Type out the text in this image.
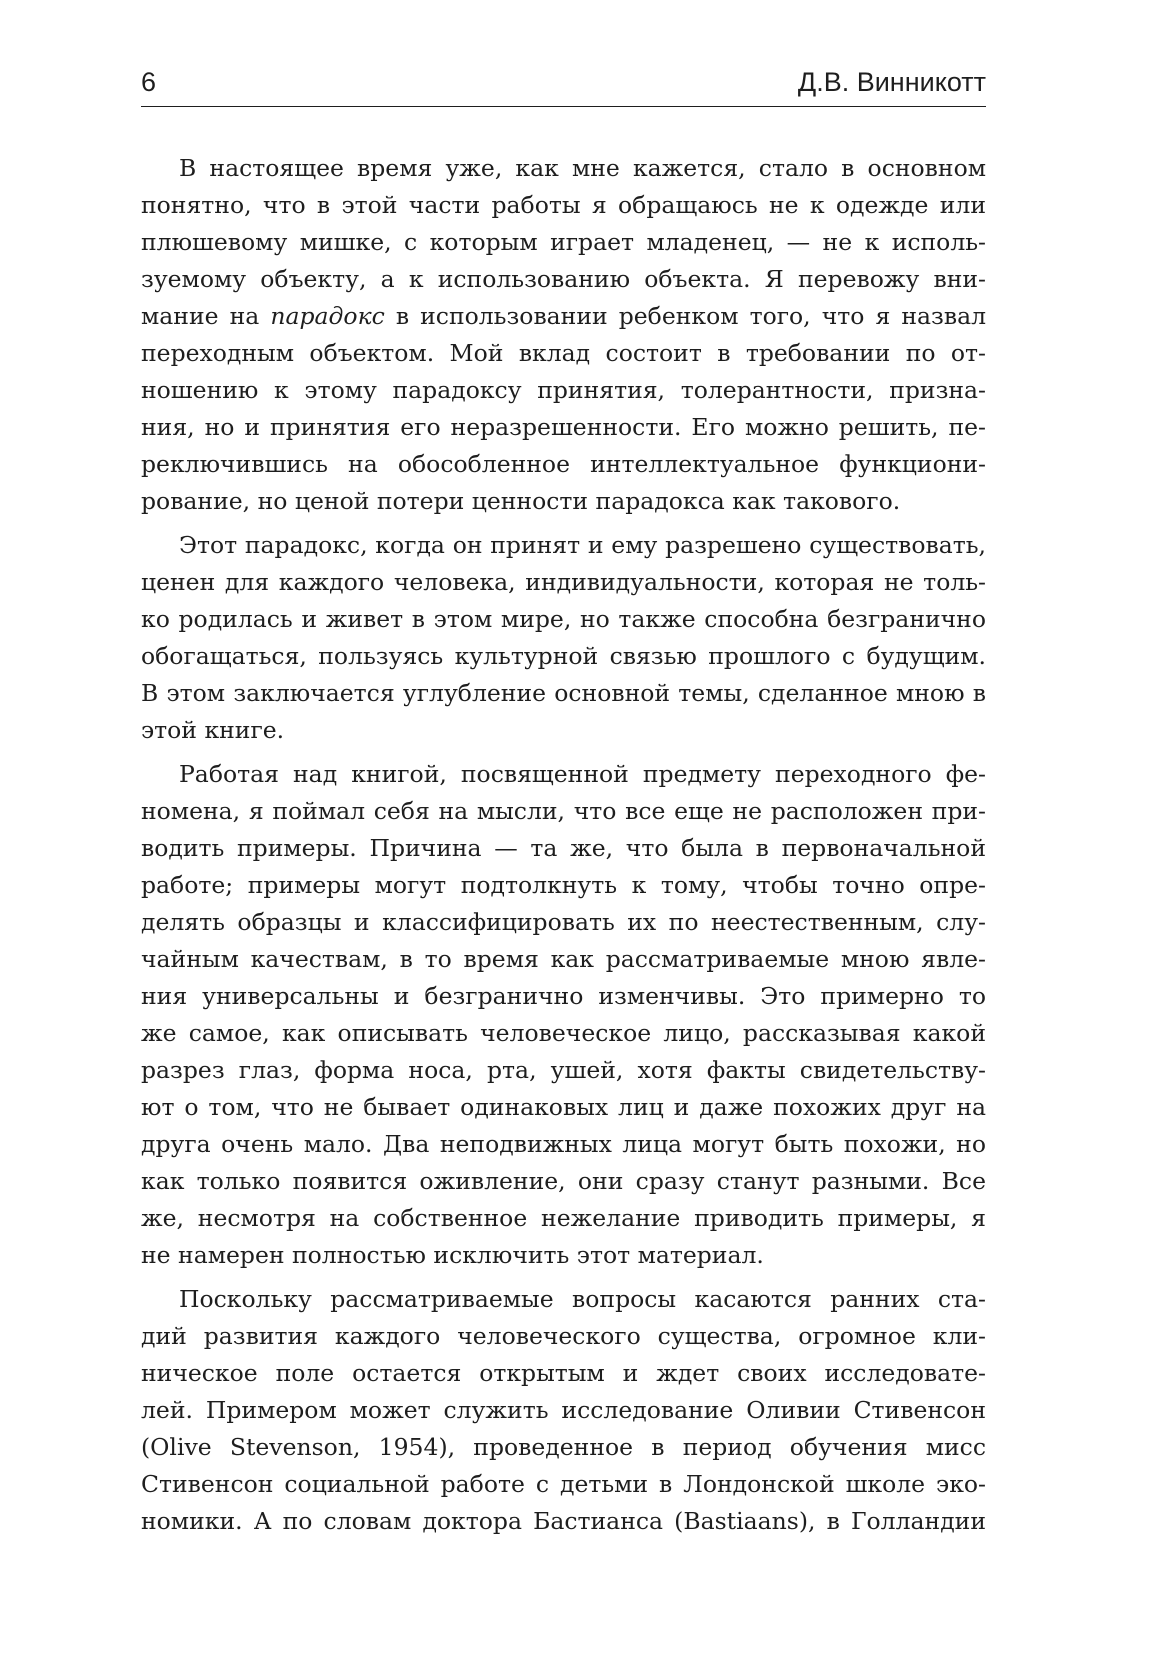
6	Д.В. Винникотт

В настоящее время уже, как мне кажется, стало в основном
понятно, что в этой части работы я обращаюсь не к одежде или
плюшевому мишке, с которым играет младенец, — не к исполь-
зуемому объекту, а к использованию объекта. Я перевожу вни-
мание на парадокс в использовании ребенком того, что я назвал
переходным объектом. Мой вклад состоит в требовании по от-
ношению к этому парадоксу принятия, толерантности, призна-
ния, но и принятия его неразрешенности. Его можно решить, пе-
реключившись на обособленное интеллектуальное функциони-
рование, но ценой потери ценности парадокса как такового.

Этот парадокс, когда он принят и ему разрешено существовать,
ценен для каждого человека, индивидуальности, которая не толь-
ко родилась и живет в этом мире, но также способна безгранично
обогащаться, пользуясь культурной связью прошлого с будущим.
В этом заключается углубление основной темы, сделанное мною в
этой книге.

Работая над книгой, посвященной предмету переходного фе-
номена, я поймал себя на мысли, что все еще не расположен при-
водить примеры. Причина — та же, что была в первоначальной
работе; примеры могут подтолкнуть к тому, чтобы точно опре-
делять образцы и классифицировать их по неестественным, слу-
чайным качествам, в то время как рассматриваемые мною явле-
ния универсальны и безгранично изменчивы. Это примерно то
же самое, как описывать человеческое лицо, рассказывая какой
разрез глаз, форма носа, рта, ушей, хотя факты свидетельству-
ют о том, что не бывает одинаковых лиц и даже похожих друг на
друга очень мало. Два неподвижных лица могут быть похожи, но
как только появится оживление, они сразу станут разными. Все
же, несмотря на собственное нежелание приводить примеры, я
не намерен полностью исключить этот материал.

Поскольку рассматриваемые вопросы касаются ранних ста-
дий развития каждого человеческого существа, огромное кли-
ническое поле остается открытым и ждет своих исследовате-
лей. Примером может служить исследование Оливии Стивенсон
(Olive Stevenson, 1954), проведенное в период обучения мисс
Стивенсон социальной работе с детьми в Лондонской школе эко-
номики. А по словам доктора Бастианса (Bastiaans), в Голландии
